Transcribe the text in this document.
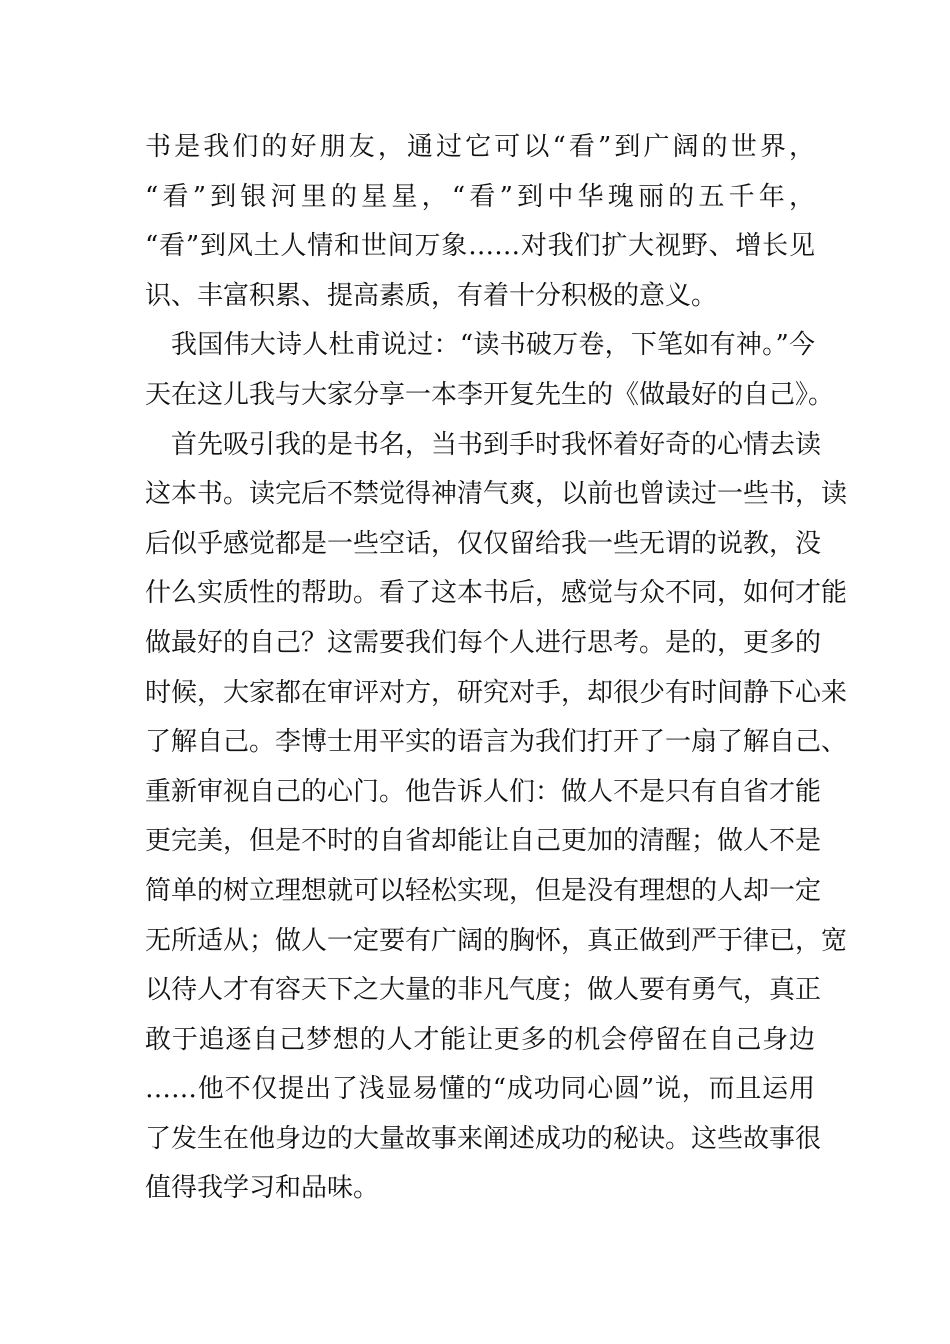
书是我们的好朋友，通过它可以“看”到广阔的世界，
“看”到银河里的星星，“看”到中华瑰丽的五千年，
“看”到风土人情和世间万象……对我们扩大视野、增长见
识、丰富积累、提高素质，有着十分积极的意义。
我国伟大诗人杜甫说过：“读书破万卷，下笔如有神。”今
天在这儿我与大家分享一本李开复先生的《做最好的自己》。
首先吸引我的是书名，当书到手时我怀着好奇的心情去读
这本书。读完后不禁觉得神清气爽，以前也曾读过一些书，读
后似乎感觉都是一些空话，仅仅留给我一些无谓的说教，没
什么实质性的帮助。看了这本书后，感觉与众不同，如何才能
做最好的自己？这需要我们每个人进行思考。是的，更多的
时候，大家都在审评对方，研究对手，却很少有时间静下心来
了解自己。李博士用平实的语言为我们打开了一扇了解自己、
重新审视自己的心门。他告诉人们：做人不是只有自省才能
更完美，但是不时的自省却能让自己更加的清醒；做人不是
简单的树立理想就可以轻松实现，但是没有理想的人却一定
无所适从；做人一定要有广阔的胸怀，真正做到严于律已，宽
以待人才有容天下之大量的非凡气度；做人要有勇气，真正
敢于追逐自己梦想的人才能让更多的机会停留在自己身边
……他不仅提出了浅显易懂的“成功同心圆”说，而且运用
了发生在他身边的大量故事来阐述成功的秘诀。这些故事很
值得我学习和品味。
